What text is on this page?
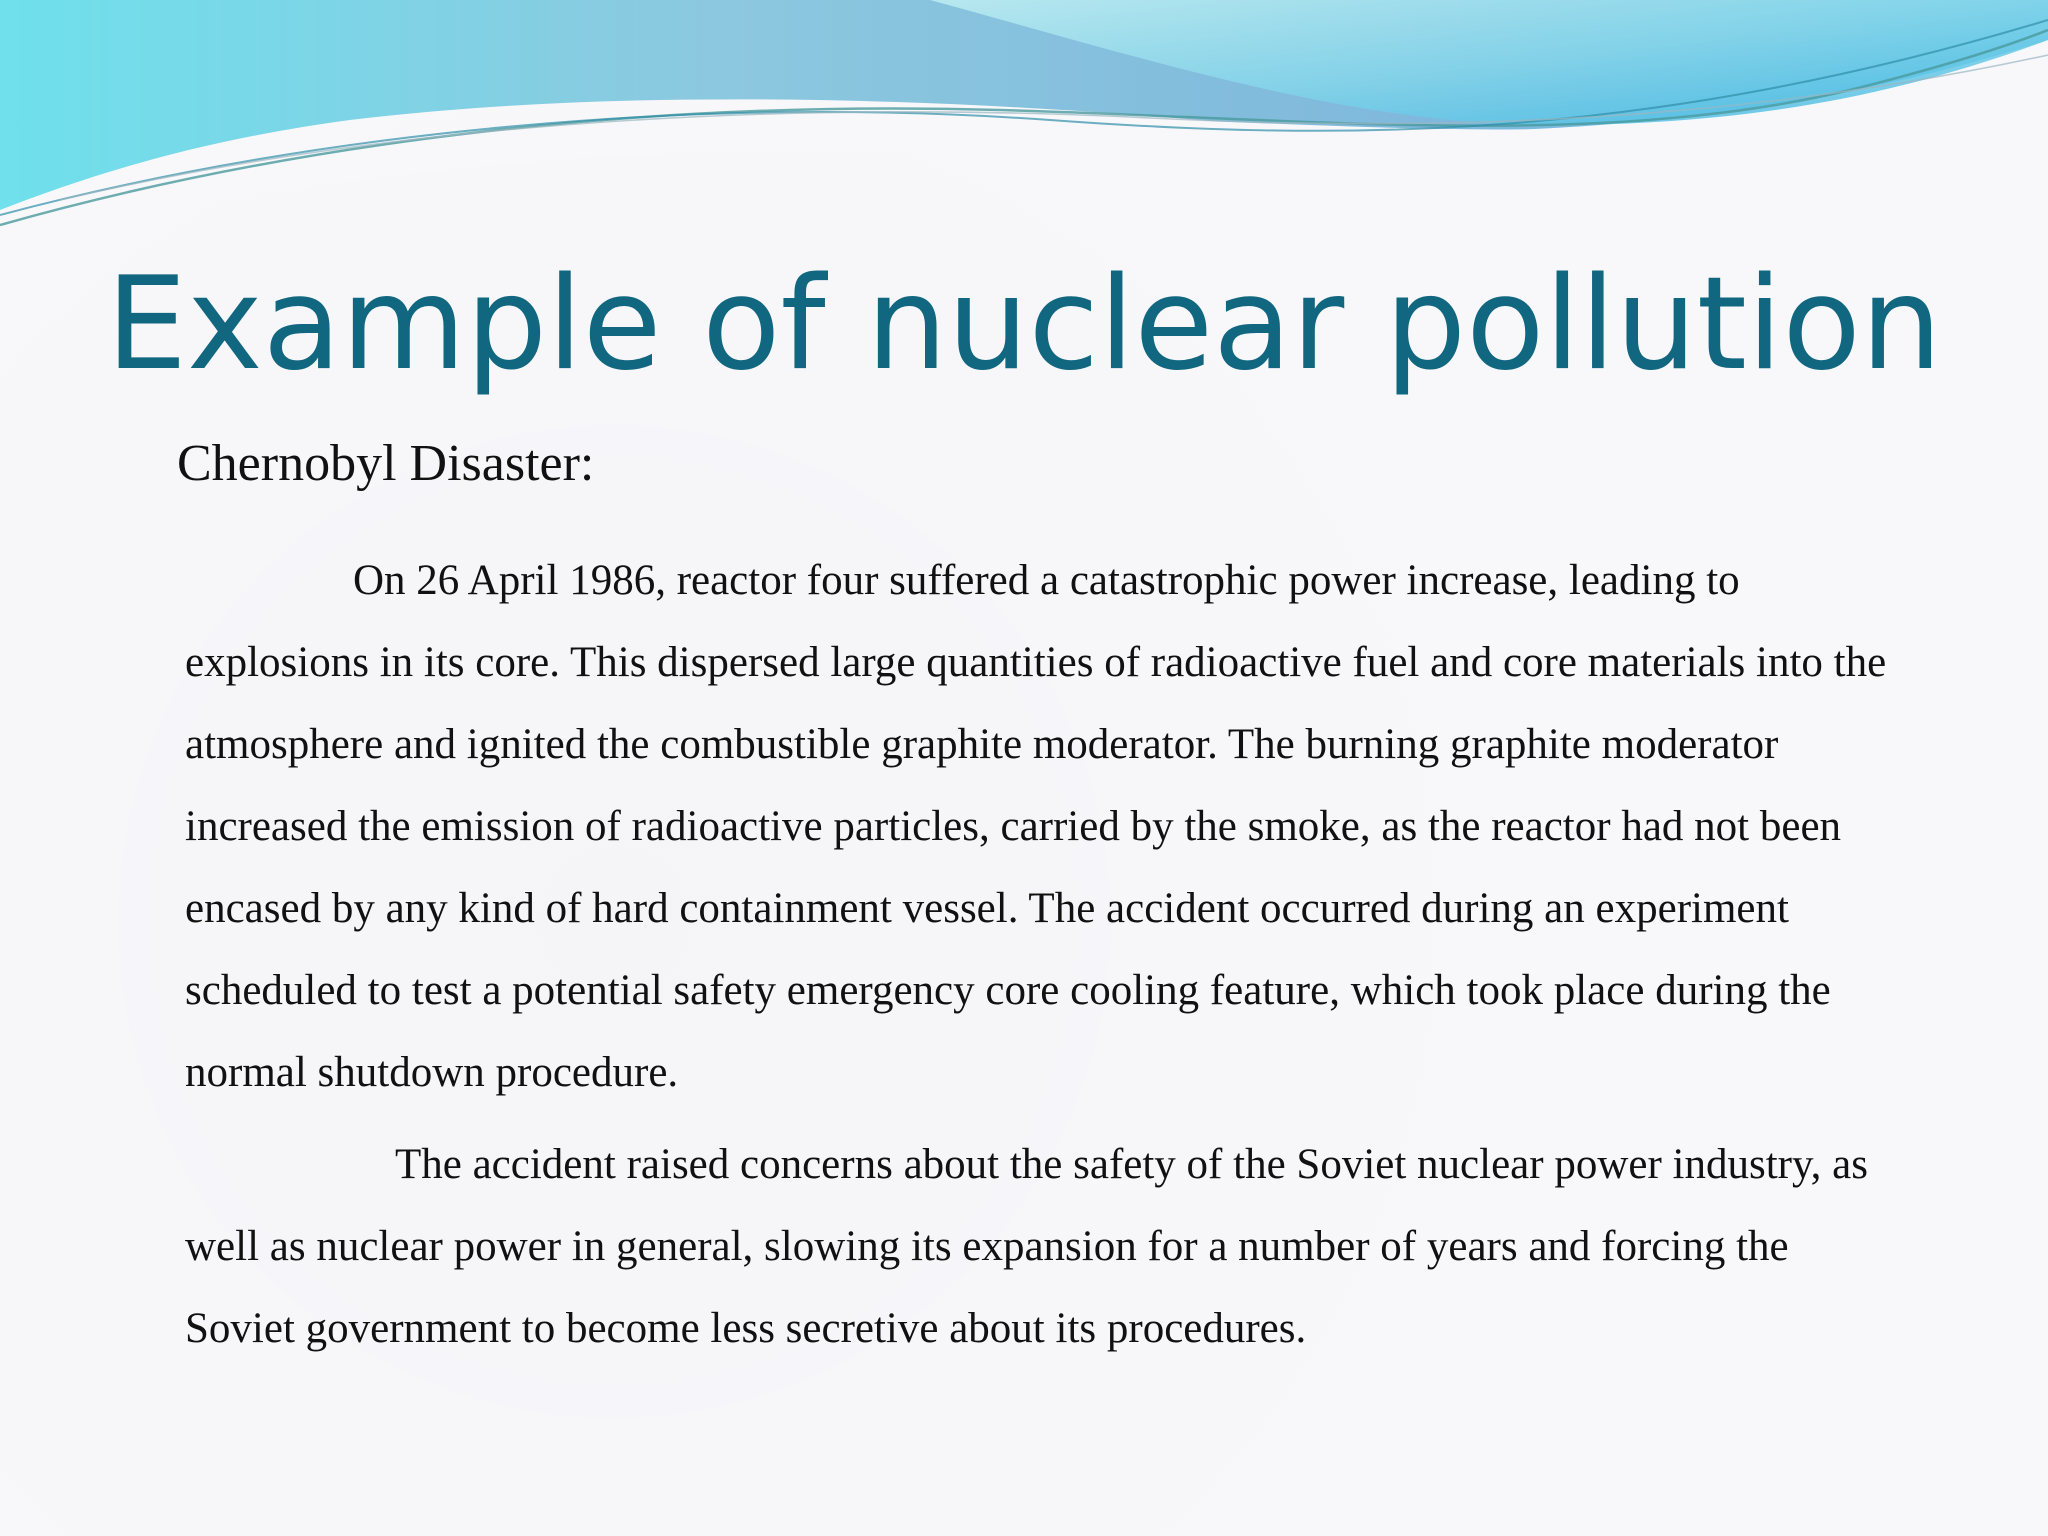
Example of nuclear pollution
Chernobyl Disaster:

On 26 April 1986, reactor four suffered a catastrophic power increase, leading to explosions in its core. This dispersed large quantities of radioactive fuel and core materials into the atmosphere and ignited the combustible graphite moderator. The burning graphite moderator increased the emission of radioactive particles, carried by the smoke, as the reactor had not been encased by any kind of hard containment vessel. The accident occurred during an experiment scheduled to test a potential safety emergency core cooling feature, which took place during the normal shutdown procedure.

The accident raised concerns about the safety of the Soviet nuclear power industry, as well as nuclear power in general, slowing its expansion for a number of years and forcing the Soviet government to become less secretive about its procedures.
